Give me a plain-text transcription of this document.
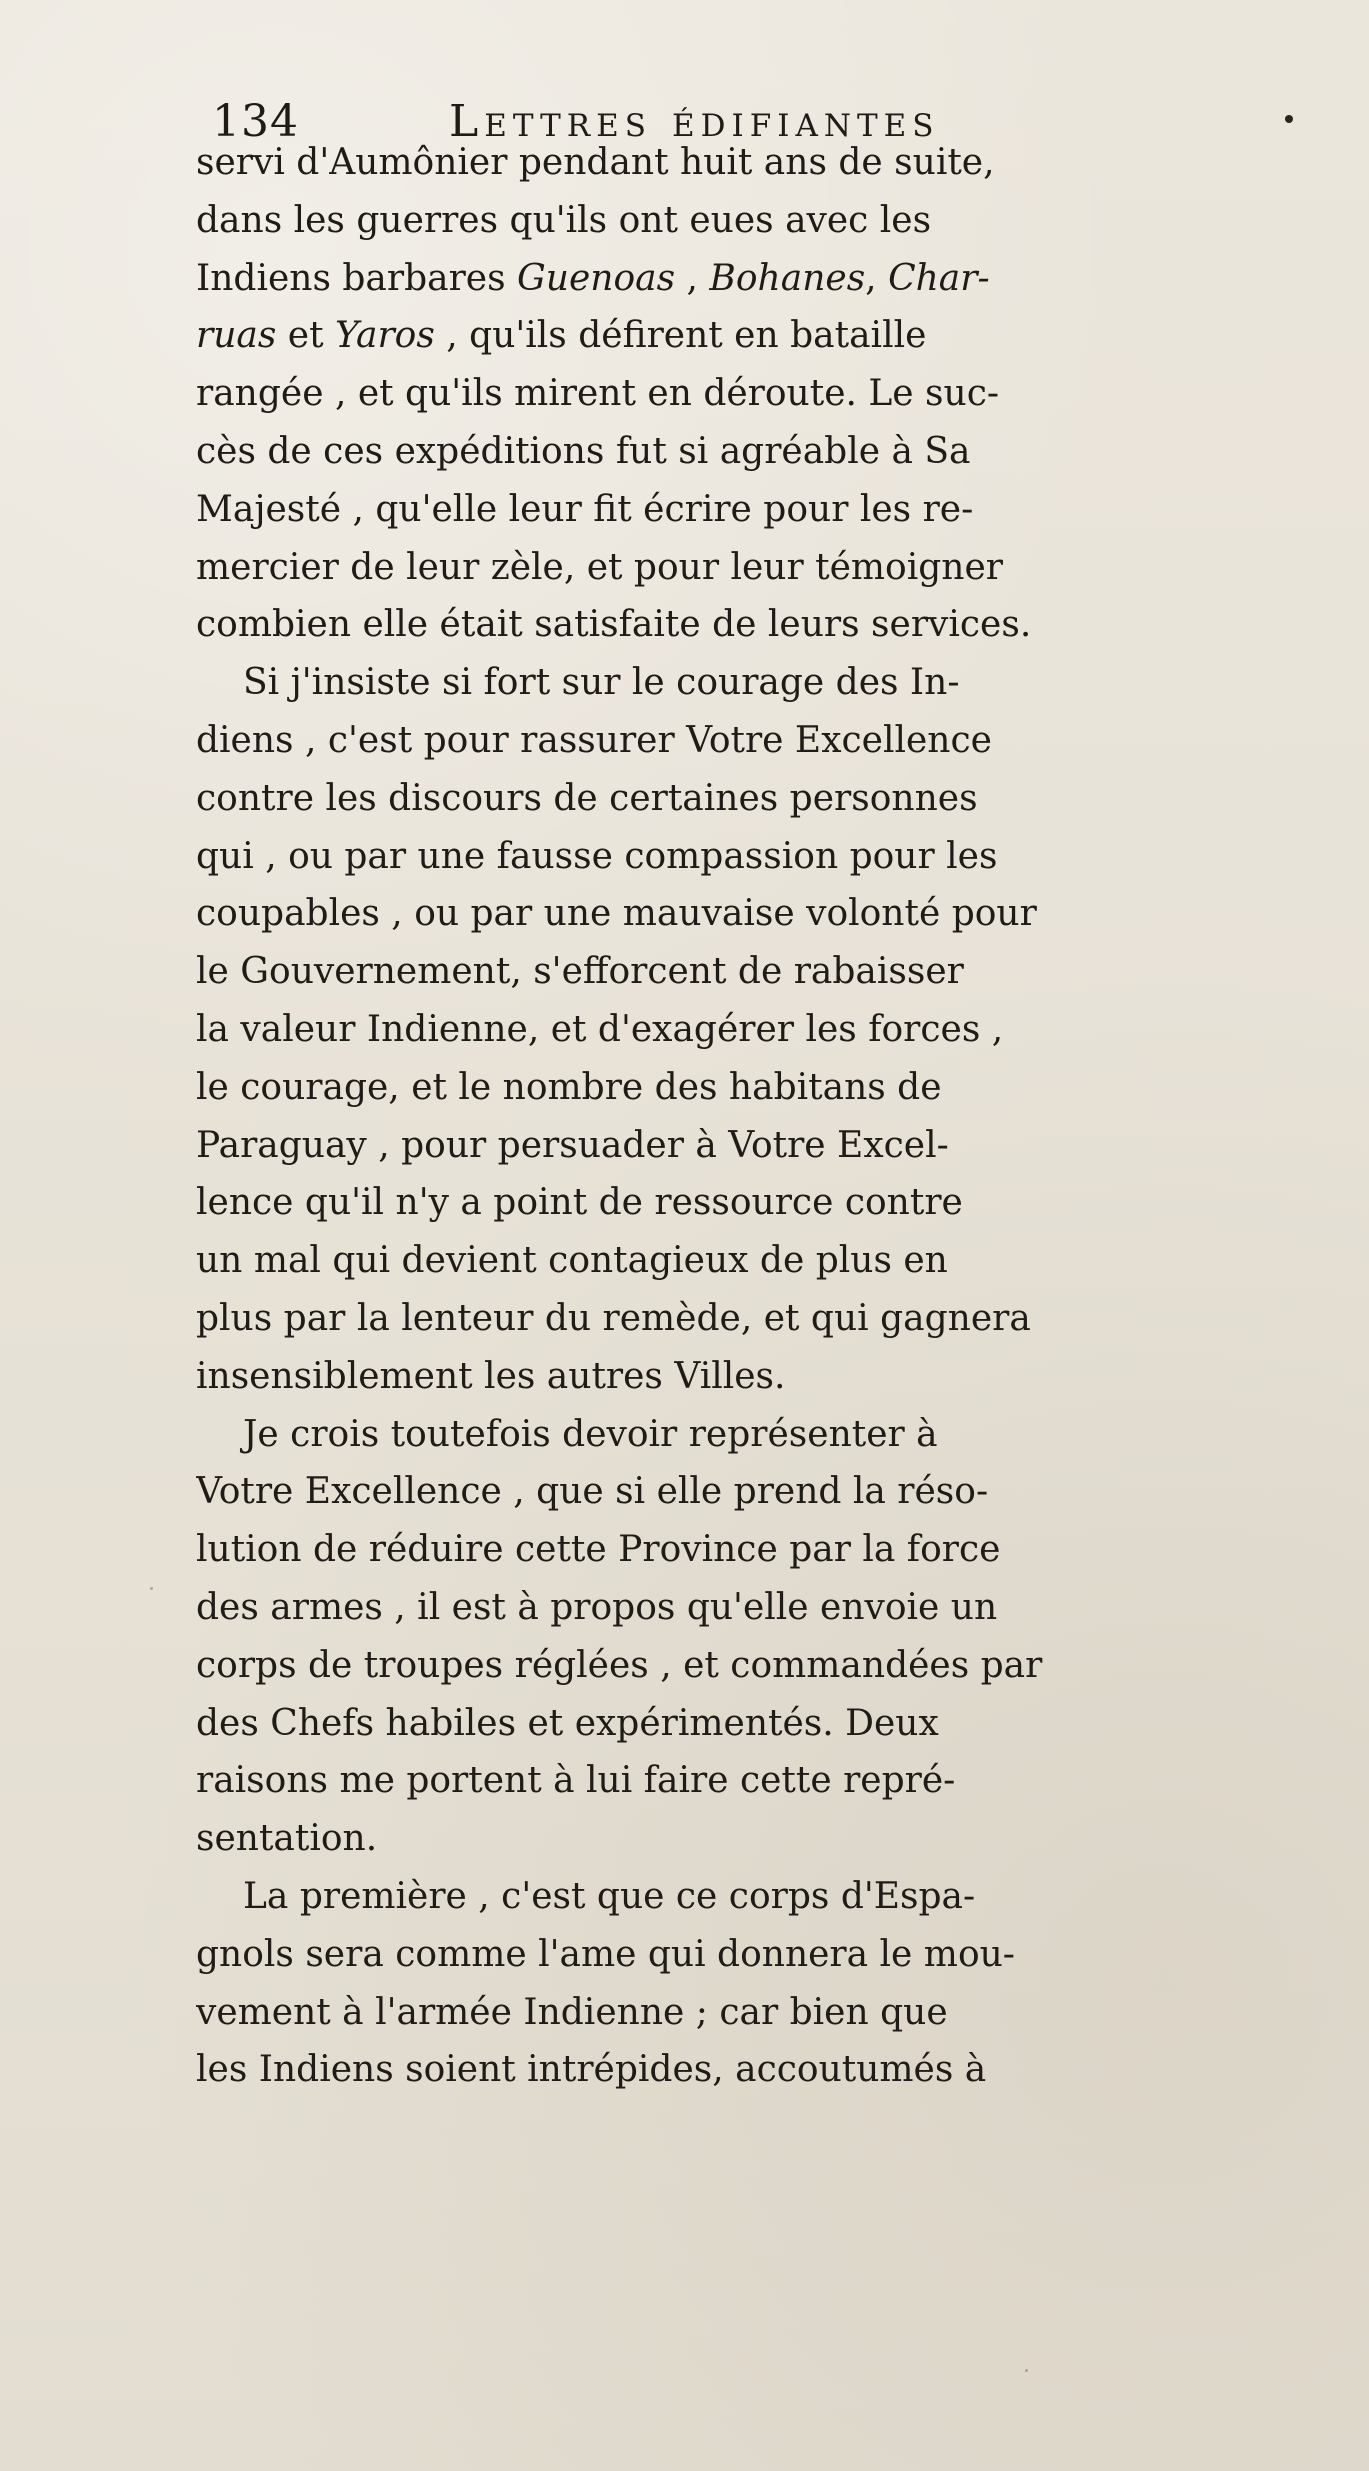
134	Lettres édifiantes
servi d'Aumônier pendant huit ans de suite,
dans les guerres qu'ils ont eues avec les
Indiens barbares Guenoas , Bohanes, Char-
ruas et Yaros , qu'ils défirent en bataille
rangée , et qu'ils mirent en déroute. Le suc-
cès de ces expéditions fut si agréable à Sa
Majesté , qu'elle leur fit écrire pour les re-
mercier de leur zèle, et pour leur témoigner
combien elle était satisfaite de leurs services.
Si j'insiste si fort sur le courage des In-
diens , c'est pour rassurer Votre Excellence
contre les discours de certaines personnes
qui , ou par une fausse compassion pour les
coupables , ou par une mauvaise volonté pour
le Gouvernement, s'efforcent de rabaisser
la valeur Indienne, et d'exagérer les forces ,
le courage, et le nombre des habitans de
Paraguay , pour persuader à Votre Excel-
lence qu'il n'y a point de ressource contre
un mal qui devient contagieux de plus en
plus par la lenteur du remède, et qui gagnera
insensiblement les autres Villes.
Je crois toutefois devoir représenter à
Votre Excellence , que si elle prend la réso-
lution de réduire cette Province par la force
des armes , il est à propos qu'elle envoie un
corps de troupes réglées , et commandées par
des Chefs habiles et expérimentés. Deux
raisons me portent à lui faire cette repré-
sentation.
La première , c'est que ce corps d'Espa-
gnols sera comme l'ame qui donnera le mou-
vement à l'armée Indienne ; car bien que
les Indiens soient intrépides, accoutumés à
